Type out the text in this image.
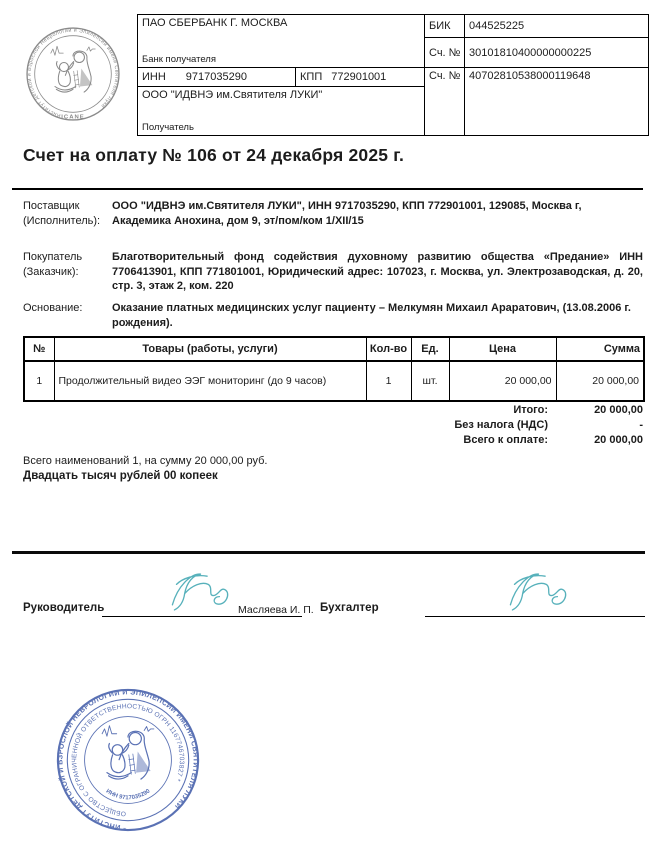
Институт Детской и Взрослой Неврологии и Эпилепсии имени Святителя Луки
ICANE
ПАО СБЕРБАНК Г. МОСКВА
Банк получателя		БИК	044525225
		Сч. №	30101810400000000225
ИНН 9717035290	КПП 772901001	Сч. №	40702810538000119648

ООО "ИДВНЭ им.Святителя ЛУКИ"
Получатель			
Счет на оплату № 106 от 24 декабря 2025 г.
Поставщик
(Исполнитель):
ООО "ИДВНЭ им.Святителя ЛУКИ", ИНН 9717035290, КПП 772901001, 129085, Москва г, Академика Анохина, дом 9, эт/пом/ком 1/XII/15
Покупатель
(Заказчик):
Благотворительный фонд содействия духовному развитию общества «Предание» ИНН 7706413901, КПП 771801001, Юридический адрес: 107023, г. Москва, ул. Электрозаводская, д. 20, стр. 3, этаж 2, ком. 220
Основание:	Оказание платных медицинских услуг пациенту – Мелкумян Михаил Араратович, (13.08.2006 г. рождения).
№	Товары (работы, услуги)	Кол-во	Ед.	Цена	Сумма
1	Продолжительный видео ЭЭГ мониторинг (до 9 часов)	1	шт.	20 000,00	20 000,00
Итого:	20 000,00
Без налога (НДС)	-
Всего к оплате:	20 000,00
Всего наименований 1, на сумму 20 000,00 руб.
Двадцать тысяч рублей 00 копеек
Руководитель	Масляева И. П. Бухгалтер
* ИНСТИТУТ ДЕТСКОЙ И ВЗРОСЛОЙ НЕВРОЛОГИИ И ЭПИЛЕПСИИ ИМЕНИ СВЯТИТЕЛЯ ЛУКИ
ОБЩЕСТВО С ОГРАНИЧЕННОЙ ОТВЕТСТВЕННОСТЬЮ ОГРН 1167746703827 *
ИНН 9717035290
